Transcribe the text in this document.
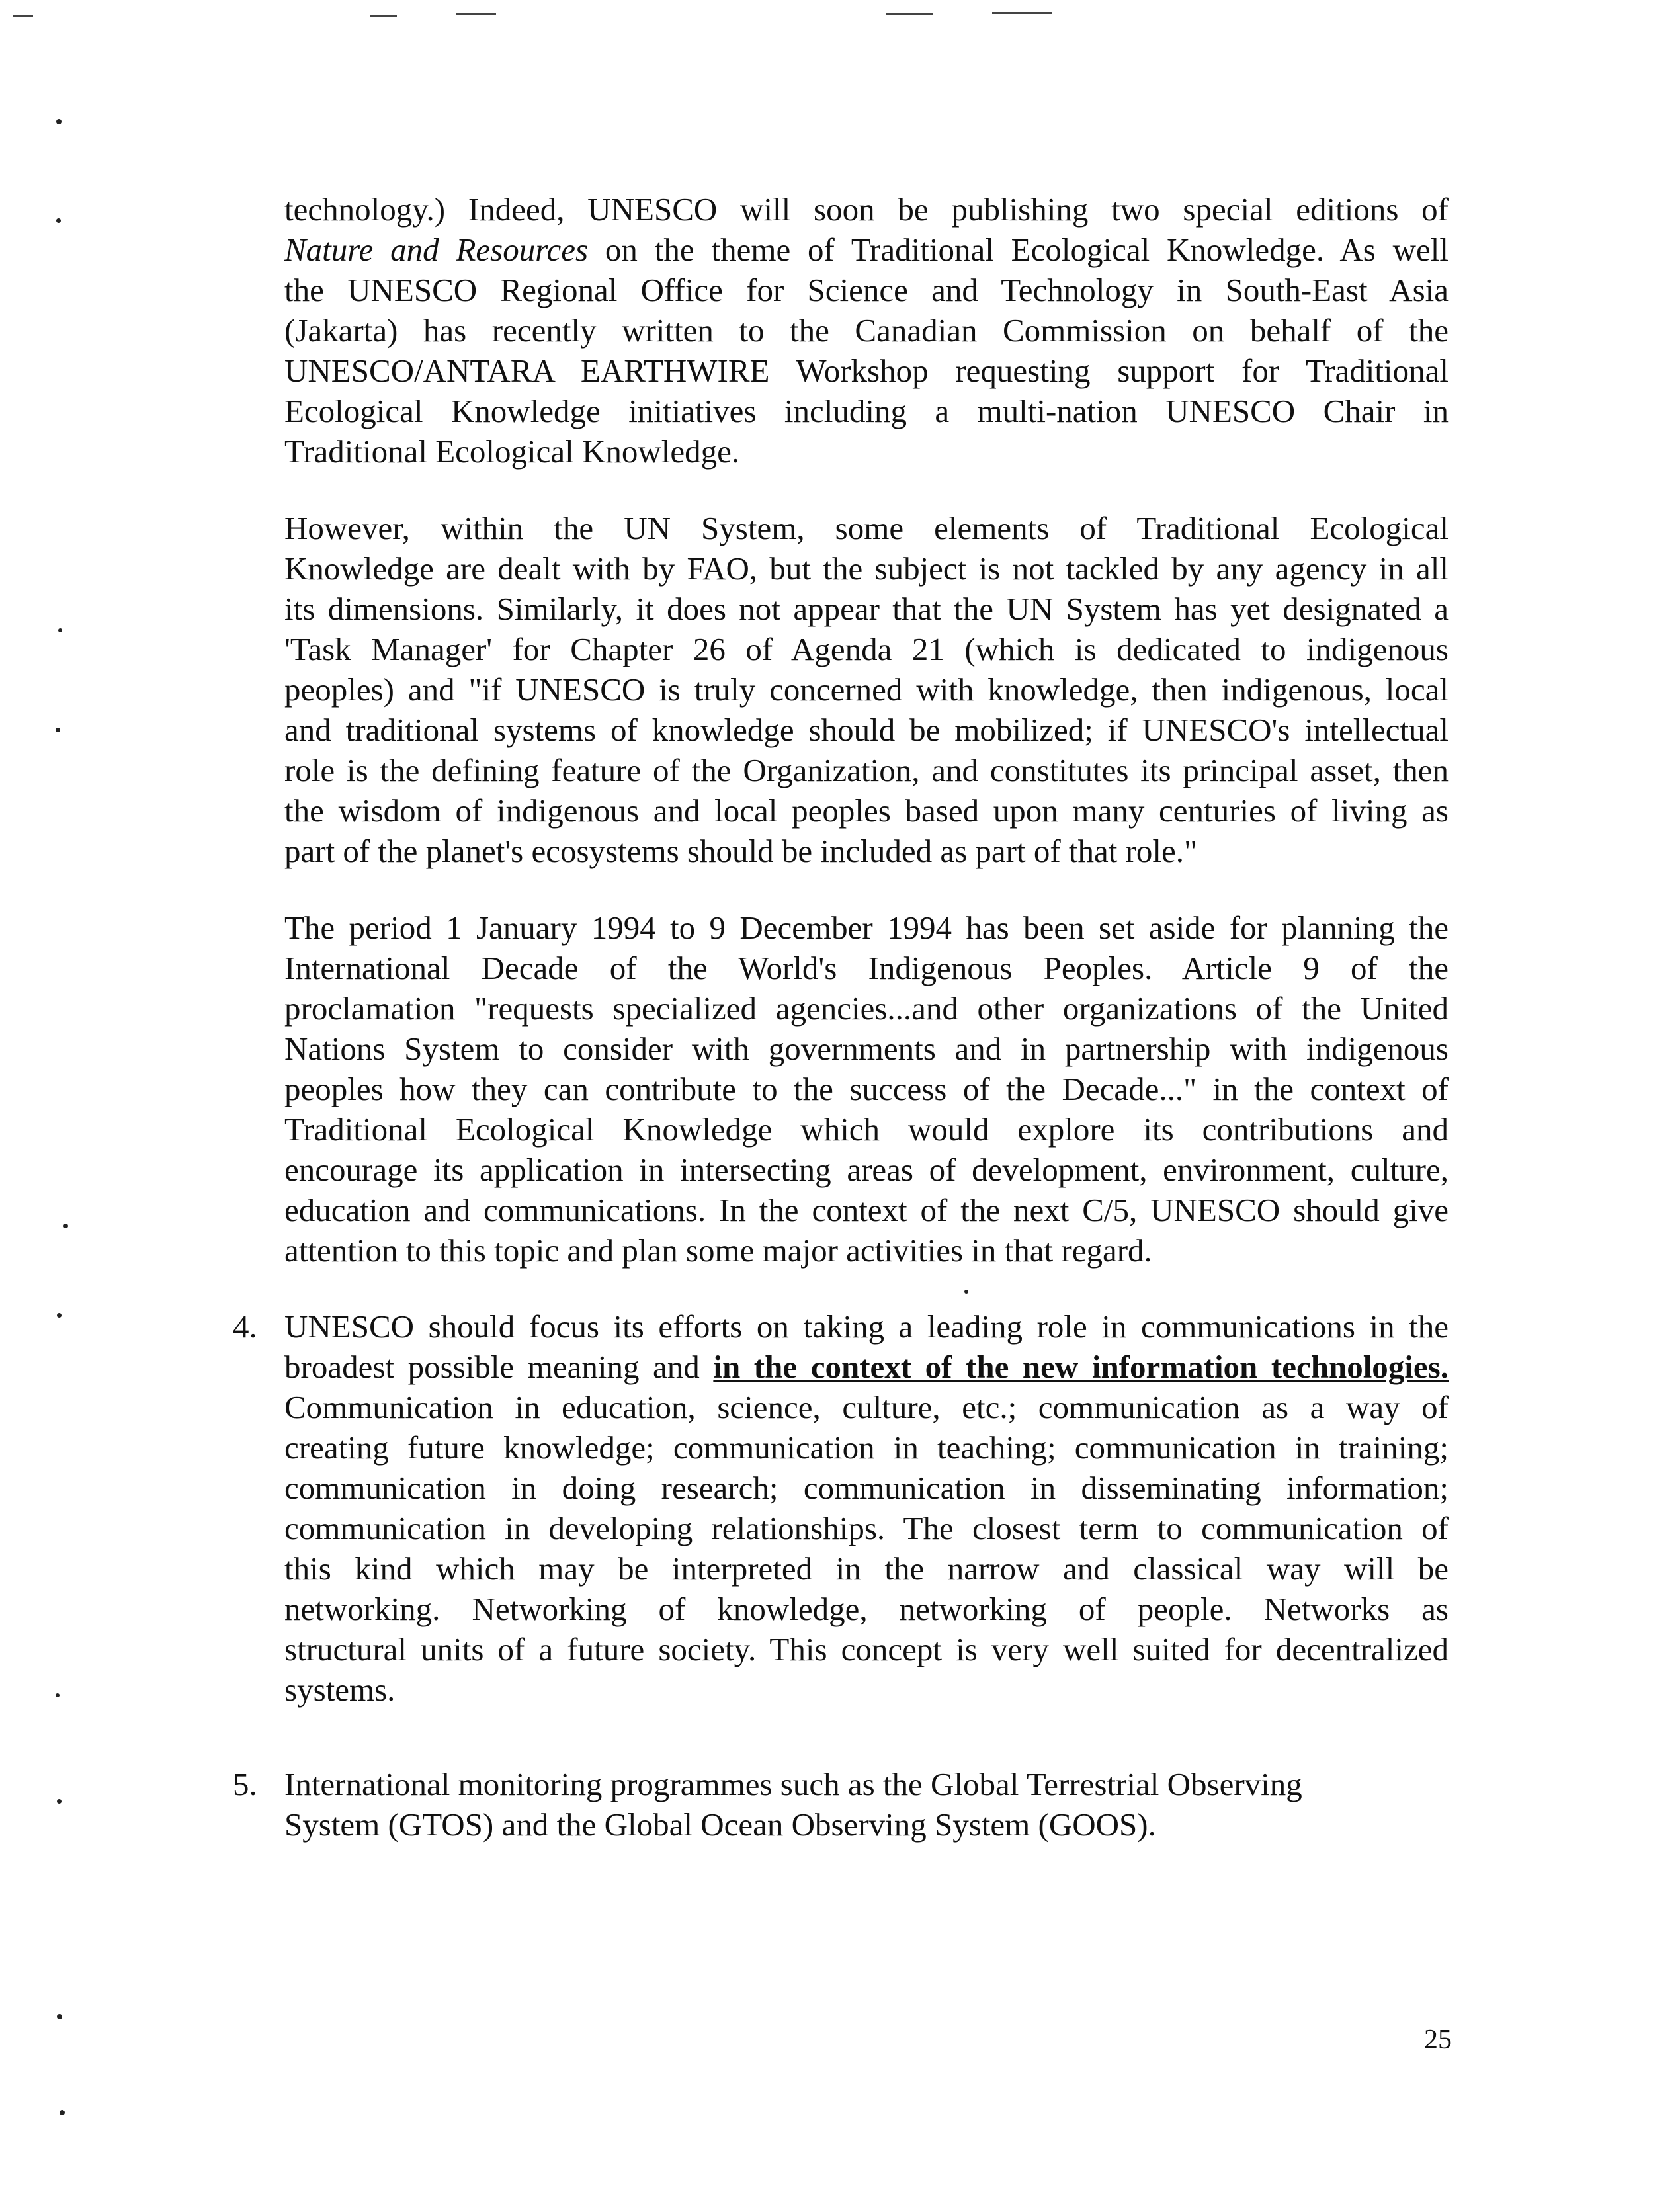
technology.) Indeed, UNESCO will soon be publishing two special editions of
Nature and Resources on the theme of Traditional Ecological Knowledge. As well
the UNESCO Regional Office for Science and Technology in South-East Asia
(Jakarta) has recently written to the Canadian Commission on behalf of the
UNESCO/ANTARA EARTHWIRE Workshop requesting support for Traditional
Ecological Knowledge initiatives including a multi-nation UNESCO Chair in
Traditional Ecological Knowledge.
However, within the UN System, some elements of Traditional Ecological
Knowledge are dealt with by FAO, but the subject is not tackled by any agency in all
its dimensions. Similarly, it does not appear that the UN System has yet designated a
'Task Manager' for Chapter 26 of Agenda 21 (which is dedicated to indigenous
peoples) and "if UNESCO is truly concerned with knowledge, then indigenous, local
and traditional systems of knowledge should be mobilized; if UNESCO's intellectual
role is the defining feature of the Organization, and constitutes its principal asset, then
the wisdom of indigenous and local peoples based upon many centuries of living as
part of the planet's ecosystems should be included as part of that role."
The period 1 January 1994 to 9 December 1994 has been set aside for planning the
International Decade of the World's Indigenous Peoples. Article 9 of the
proclamation "requests specialized agencies...and other organizations of the United
Nations System to consider with governments and in partnership with indigenous
peoples how they can contribute to the success of the Decade..." in the context of
Traditional Ecological Knowledge which would explore its contributions and
encourage its application in intersecting areas of development, environment, culture,
education and communications. In the context of the next C/5, UNESCO should give
attention to this topic and plan some major activities in that regard.
4. UNESCO should focus its efforts on taking a leading role in communications in the
broadest possible meaning and in the context of the new information technologies.
Communication in education, science, culture, etc.; communication as a way of
creating future knowledge; communication in teaching; communication in training;
communication in doing research; communication in disseminating information;
communication in developing relationships. The closest term to communication of
this kind which may be interpreted in the narrow and classical way will be
networking. Networking of knowledge, networking of people. Networks as
structural units of a future society. This concept is very well suited for decentralized
systems.
5. International monitoring programmes such as the Global Terrestrial Observing
System (GTOS) and the Global Ocean Observing System (GOOS).
25
